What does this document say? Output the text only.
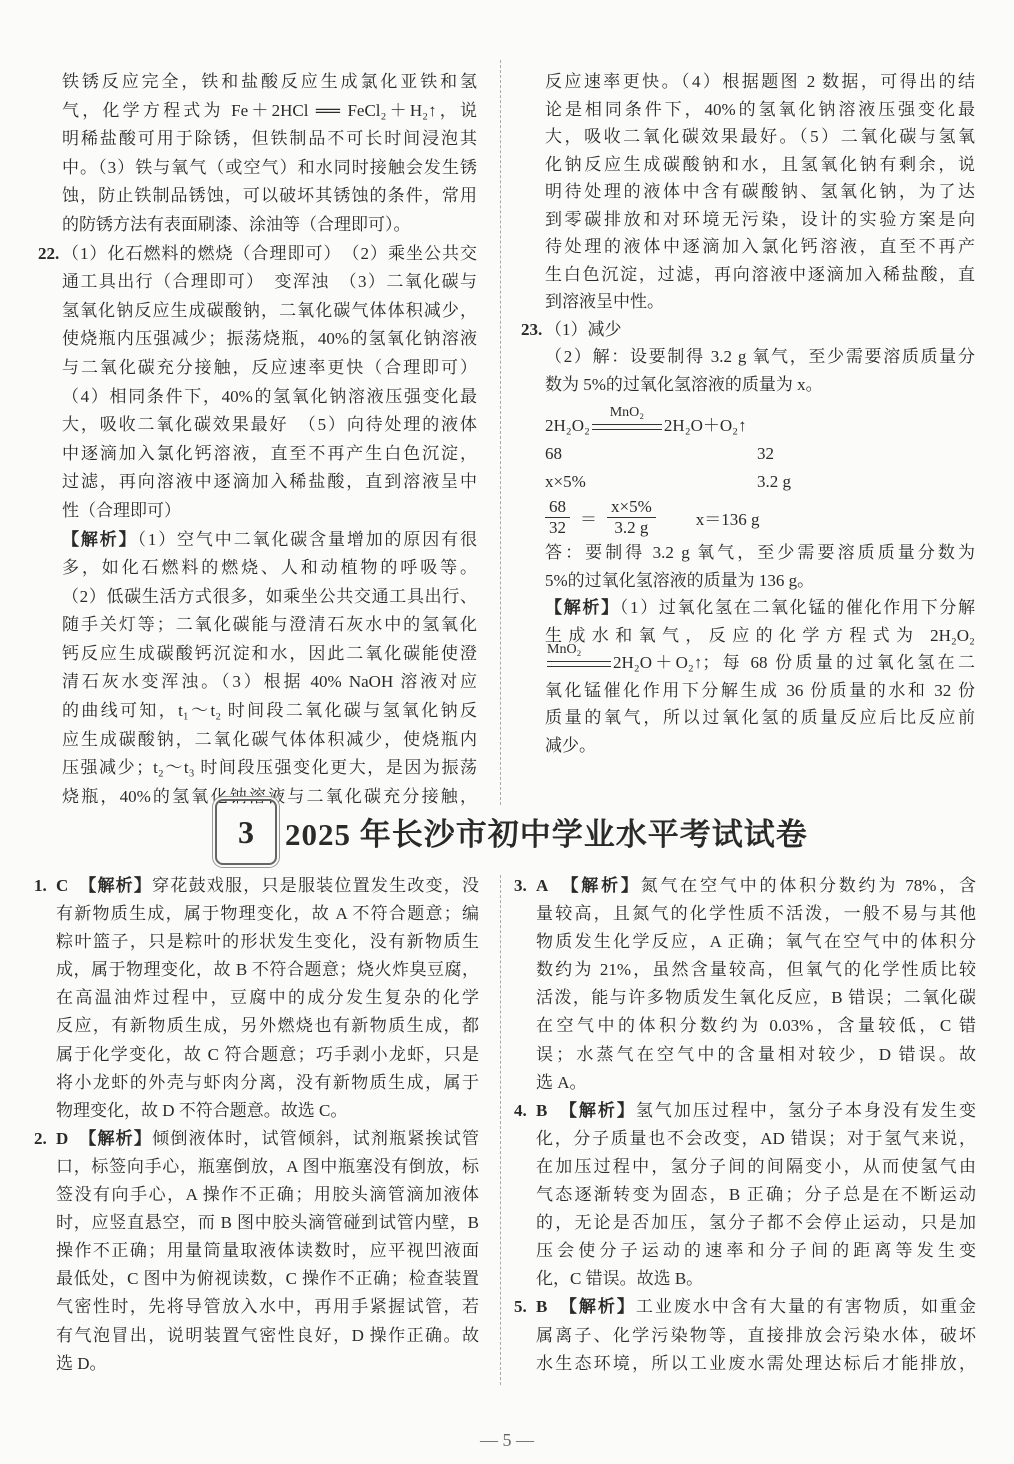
铁锈反应完全，铁和盐酸反应生成氯化亚铁和氢
气，化学方程式为 Fe＋2HCl ══ FeCl₂＋H₂↑，说
明稀盐酸可用于除锈，但铁制品不可长时间浸泡其
中。（3）铁与氧气（或空气）和水同时接触会发生锈
蚀，防止铁制品锈蚀，可以破坏其锈蚀的条件，常用
的防锈方法有表面刷漆、涂油等（合理即可）。
22. （1）化石燃料的燃烧（合理即可）　（2）乘坐公共交
通工具出行（合理即可）　变浑浊　（3）二氧化碳与
氢氧化钠反应生成碳酸钠，二氧化碳气体体积减少，
使烧瓶内压强减少；振荡烧瓶，40%的氢氧化钠溶液
与二氧化碳充分接触，反应速率更快（合理即可）
（4）相同条件下，40%的氢氧化钠溶液压强变化最
大，吸收二氧化碳效果最好　（5）向待处理的液体
中逐滴加入氯化钙溶液，直至不再产生白色沉淀，
过滤，再向溶液中逐滴加入稀盐酸，直到溶液呈中
性（合理即可）
【解析】（1）空气中二氧化碳含量增加的原因有很
多，如化石燃料的燃烧、人和动植物的呼吸等。
（2）低碳生活方式很多，如乘坐公共交通工具出行、
随手关灯等；二氧化碳能与澄清石灰水中的氢氧化
钙反应生成碳酸钙沉淀和水，因此二氧化碳能使澄
清石灰水变浑浊。（3）根据 40% NaOH 溶液对应
的曲线可知，t₁～t₂ 时间段二氧化碳与氢氧化钠反
应生成碳酸钠，二氧化碳气体体积减少，使烧瓶内
压强减少；t₂～t₃ 时间段压强变化更大，是因为振荡
烧瓶，40%的氢氧化钠溶液与二氧化碳充分接触，
反应速率更快。（4）根据题图 2 数据，可得出的结
论是相同条件下，40%的氢氧化钠溶液压强变化最
大，吸收二氧化碳效果最好。（5）二氧化碳与氢氧
化钠反应生成碳酸钠和水，且氢氧化钠有剩余，说
明待处理的液体中含有碳酸钠、氢氧化钠，为了达
到零碳排放和对环境无污染，设计的实验方案是向
待处理的液体中逐滴加入氯化钙溶液，直至不再产
生白色沉淀，过滤，再向溶液中逐滴加入稀盐酸，直
到溶液呈中性。
23. （1）减少
（2）解：设要制得 3.2 g 氧气，至少需要溶质质量分
数为 5%的过氧化氢溶液的质量为 x。
2H₂O₂
MnO₂
2H₂O＋O₂↑
68	32
x×5%	3.2 g
$\frac{68}{32} = \frac{x\times 5\%}{3.2 g} x=136$ g
答：要制得 3.2 g 氧气，至少需要溶质质量分数为
5%的过氧化氢溶液的质量为 136 g。
【解析】（1）过氧化氢在二氧化锰的催化作用下分解
生成水和氧气，反应的化学方程式为 2H₂O₂
MnO₂
2H₂O＋O₂↑；每 68 份质量的过氧化氢在二
氧化锰催化作用下分解生成 36 份质量的水和 32 份
质量的氧气，所以过氧化氢的质量反应后比反应前
减少。
3	2025 年长沙市初中学业水平考试试卷
1. C　【解析】穿花鼓戏服，只是服装位置发生改变，没
有新物质生成，属于物理变化，故 A 不符合题意；编
粽叶篮子，只是粽叶的形状发生变化，没有新物质生
成，属于物理变化，故 B 不符合题意；烧火炸臭豆腐，
在高温油炸过程中，豆腐中的成分发生复杂的化学
反应，有新物质生成，另外燃烧也有新物质生成，都
属于化学变化，故 C 符合题意；巧手剥小龙虾，只是
将小龙虾的外壳与虾肉分离，没有新物质生成，属于
物理变化，故 D 不符合题意。故选 C。
2. D　【解析】倾倒液体时，试管倾斜，试剂瓶紧挨试管
口，标签向手心，瓶塞倒放，A 图中瓶塞没有倒放，标
签没有向手心，A 操作不正确；用胶头滴管滴加液体
时，应竖直悬空，而 B 图中胶头滴管碰到试管内壁，B
操作不正确；用量筒量取液体读数时，应平视凹液面
最低处，C 图中为俯视读数，C 操作不正确；检查装置
气密性时，先将导管放入水中，再用手紧握试管，若
有气泡冒出，说明装置气密性良好，D 操作正确。故
选 D。
3. A　【解析】氮气在空气中的体积分数约为 78%，含
量较高，且氮气的化学性质不活泼，一般不易与其他
物质发生化学反应，A 正确；氧气在空气中的体积分
数约为 21%，虽然含量较高，但氧气的化学性质比较
活泼，能与许多物质发生氧化反应，B 错误；二氧化碳
在空气中的体积分数约为 0.03%，含量较低，C 错
误；水蒸气在空气中的含量相对较少，D 错误。故
选 A。
4. B　【解析】氢气加压过程中，氢分子本身没有发生变
化，分子质量也不会改变，AD 错误；对于氢气来说，
在加压过程中，氢分子间的间隔变小，从而使氢气由
气态逐渐转变为固态，B 正确；分子总是在不断运动
的，无论是否加压，氢分子都不会停止运动，只是加
压会使分子运动的速率和分子间的距离等发生变
化，C 错误。故选 B。
5. B　【解析】工业废水中含有大量的有害物质，如重金
属离子、化学污染物等，直接排放会污染水体，破坏
水生态环境，所以工业废水需处理达标后才能排放，
— 5 —
